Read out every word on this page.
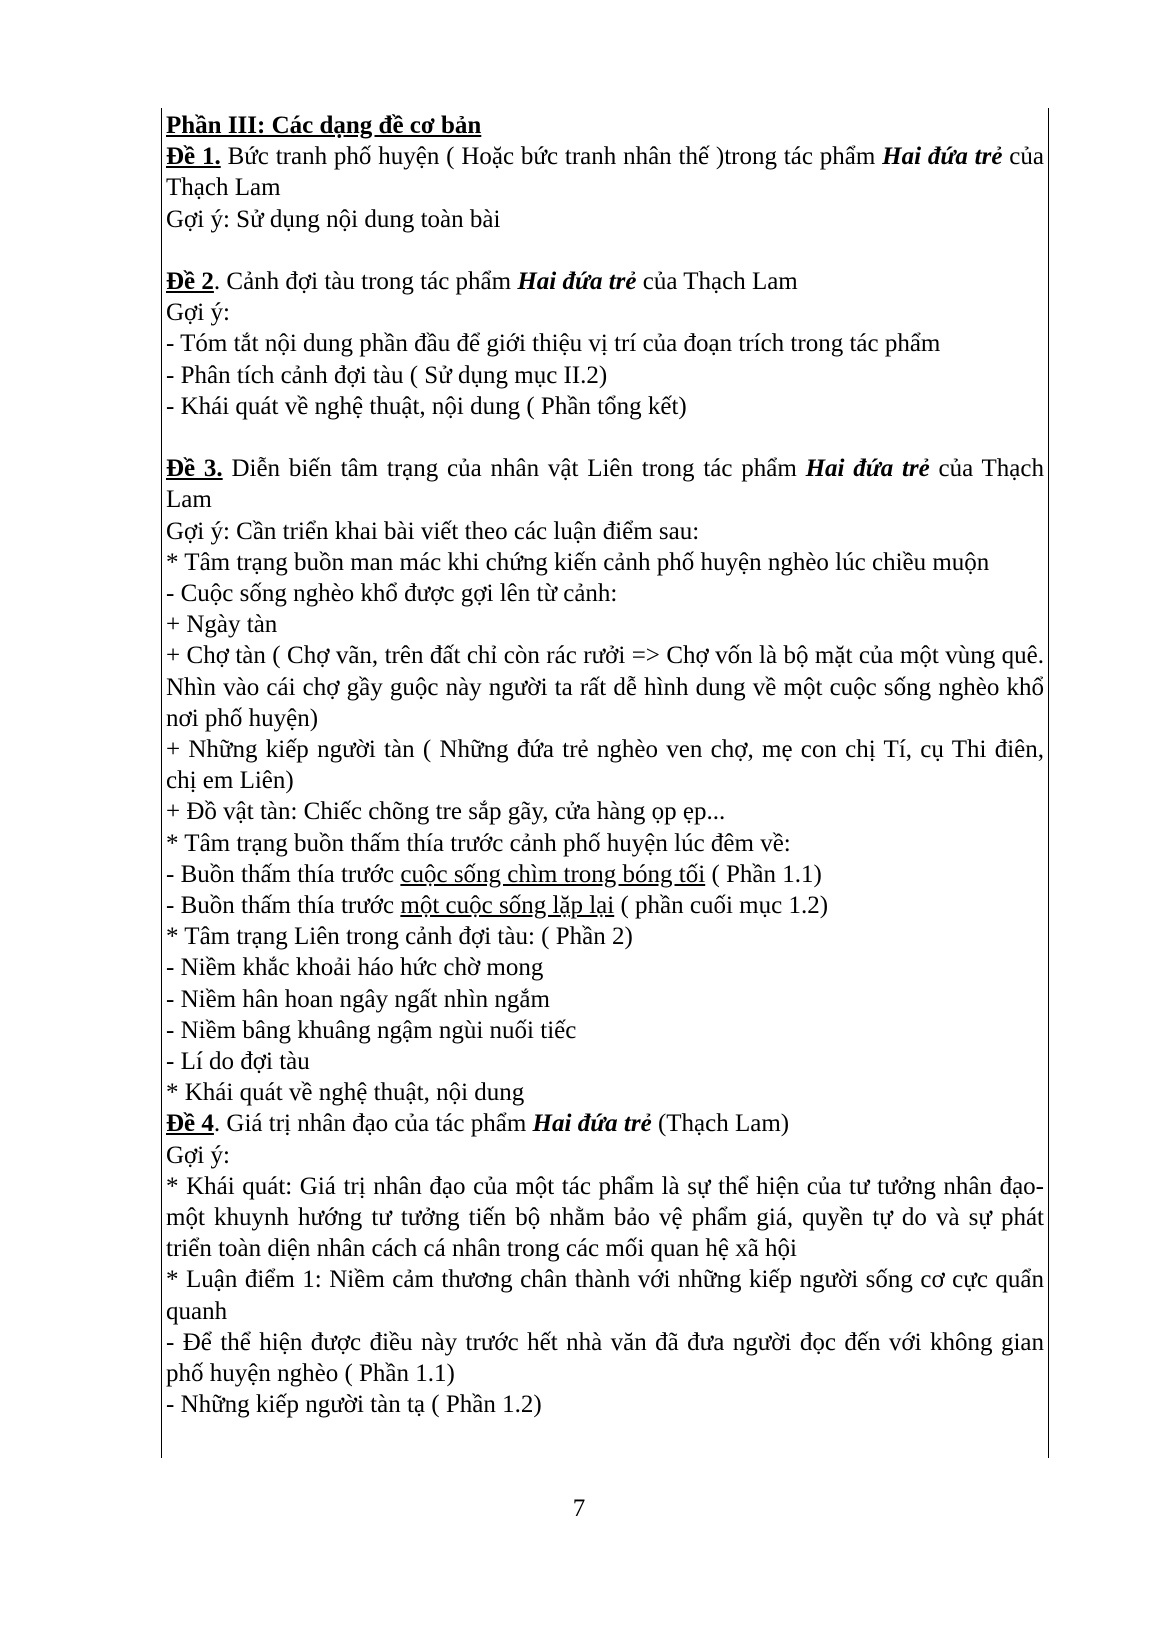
Phần III: Các dạng đề cơ bản

Đề 1. Bức tranh phố huyện ( Hoặc bức tranh nhân thế )trong tác phẩm Hai đứa trẻ của Thạch Lam

Gợi ý: Sử dụng nội dung toàn bài

Đề 2. Cảnh đợi tàu trong tác phẩm Hai đứa trẻ của Thạch Lam

Gợi ý:

- Tóm tắt nội dung phần đầu để giới thiệu vị trí của đoạn trích trong tác phẩm

- Phân tích cảnh đợi tàu ( Sử dụng mục II.2)

- Khái quát về nghệ thuật, nội dung ( Phần tổng kết)

Đề 3. Diễn biến tâm trạng của nhân vật Liên trong tác phẩm Hai đứa trẻ của Thạch Lam

Gợi ý: Cần triển khai bài viết theo các luận điểm sau:

* Tâm trạng buồn man mác khi chứng kiến cảnh phố huyện nghèo lúc chiều muộn

- Cuộc sống nghèo khổ được gợi lên từ cảnh:

+ Ngày tàn

+ Chợ tàn ( Chợ vãn, trên đất chỉ còn rác rưởi => Chợ vốn là bộ mặt của một vùng quê. Nhìn vào cái chợ gầy guộc này người ta rất dễ hình dung về một cuộc sống nghèo khổ nơi phố huyện)

+ Những kiếp người tàn ( Những đứa trẻ nghèo ven chợ, mẹ con chị Tí, cụ Thi điên, chị em Liên)

+ Đồ vật tàn: Chiếc chõng tre sắp gãy, cửa hàng ọp ẹp...

* Tâm trạng buồn thấm thía trước cảnh phố huyện lúc đêm về:

- Buồn thấm thía trước cuộc sống chìm trong bóng tối ( Phần 1.1)

- Buồn thấm thía trước một cuộc sống lặp lại ( phần cuối mục 1.2)

* Tâm trạng Liên trong cảnh đợi tàu: ( Phần 2)

- Niềm khắc khoải háo hức chờ mong

- Niềm hân hoan ngây ngất nhìn ngắm

- Niềm bâng khuâng ngậm ngùi nuối tiếc

- Lí do đợi tàu

* Khái quát về nghệ thuật, nội dung

Đề 4. Giá trị nhân đạo của tác phẩm Hai đứa trẻ (Thạch Lam)

Gợi ý:

* Khái quát: Giá trị nhân đạo của một tác phẩm là sự thể hiện của tư tưởng nhân đạo- một khuynh hướng tư tưởng tiến bộ nhằm bảo vệ phẩm giá, quyền tự do và sự phát triển toàn diện nhân cách cá nhân trong các mối quan hệ xã hội

* Luận điểm 1: Niềm cảm thương chân thành với những kiếp người sống cơ cực quẩn quanh

- Để thể hiện được điều này trước hết nhà văn đã đưa người đọc đến với không gian phố huyện nghèo ( Phần 1.1)

- Những kiếp người tàn tạ ( Phần 1.2)

7
